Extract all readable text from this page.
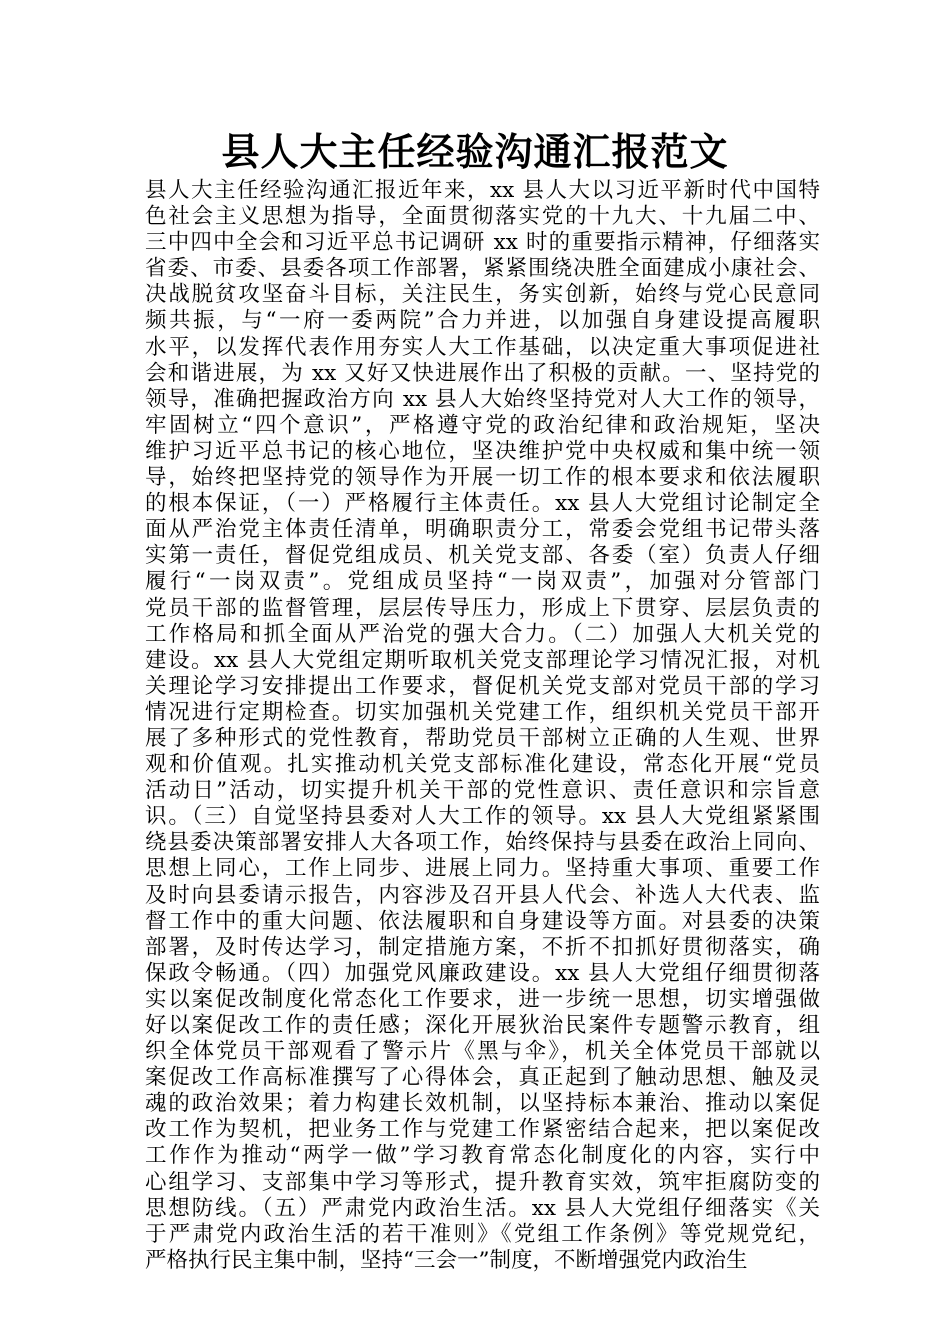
县人大主任经验沟通汇报范文
县人大主任经验沟通汇报近年来，xx 县人大以习近平新时代中国特
色社会主义思想为指导，全面贯彻落实党的十九大、十九届二中、
三中四中全会和习近平总书记调研 xx 时的重要指示精神，仔细落实
省委、市委、县委各项工作部署，紧紧围绕决胜全面建成小康社会、
决战脱贫攻坚奋斗目标，关注民生，务实创新，始终与党心民意同
频共振，与“一府一委两院”合力并进，以加强自身建设提高履职
水平，以发挥代表作用夯实人大工作基础，以决定重大事项促进社
会和谐进展，为 xx 又好又快进展作出了积极的贡献。一、坚持党的
领导，准确把握政治方向 xx 县人大始终坚持党对人大工作的领导，
牢固树立“四个意识”，严格遵守党的政治纪律和政治规矩，坚决
维护习近平总书记的核心地位，坚决维护党中央权威和集中统一领
导，始终把坚持党的领导作为开展一切工作的根本要求和依法履职
的根本保证，（一）严格履行主体责任。xx 县人大党组讨论制定全
面从严治党主体责任清单，明确职责分工，常委会党组书记带头落
实第一责任，督促党组成员、机关党支部、各委（室）负责人仔细
履行“一岗双责”。党组成员坚持“一岗双责”，加强对分管部门
党员干部的监督管理，层层传导压力，形成上下贯穿、层层负责的
工作格局和抓全面从严治党的强大合力。（二）加强人大机关党的
建设。xx 县人大党组定期听取机关党支部理论学习情况汇报，对机
关理论学习安排提出工作要求，督促机关党支部对党员干部的学习
情况进行定期检查。切实加强机关党建工作，组织机关党员干部开
展了多种形式的党性教育，帮助党员干部树立正确的人生观、世界
观和价值观。扎实推动机关党支部标准化建设，常态化开展“党员
活动日”活动，切实提升机关干部的党性意识、责任意识和宗旨意
识。（三）自觉坚持县委对人大工作的领导。xx 县人大党组紧紧围
绕县委决策部署安排人大各项工作，始终保持与县委在政治上同向、
思想上同心，工作上同步、进展上同力。坚持重大事项、重要工作
及时向县委请示报告，内容涉及召开县人代会、补选人大代表、监
督工作中的重大问题、依法履职和自身建设等方面。对县委的决策
部署，及时传达学习，制定措施方案，不折不扣抓好贯彻落实，确
保政令畅通。（四）加强党风廉政建设。xx 县人大党组仔细贯彻落
实以案促改制度化常态化工作要求，进一步统一思想，切实增强做
好以案促改工作的责任感；深化开展狄治民案件专题警示教育，组
织全体党员干部观看了警示片《黑与伞》，机关全体党员干部就以
案促改工作高标准撰写了心得体会，真正起到了触动思想、触及灵
魂的政治效果；着力构建长效机制，以坚持标本兼治、推动以案促
改工作为契机，把业务工作与党建工作紧密结合起来，把以案促改
工作作为推动“两学一做”学习教育常态化制度化的内容，实行中
心组学习、支部集中学习等形式，提升教育实效，筑牢拒腐防变的
思想防线。（五）严肃党内政治生活。xx 县人大党组仔细落实《关
于严肃党内政治生活的若干准则》《党组工作条例》等党规党纪，
严格执行民主集中制，坚持“三会一”制度，不断增强党内政治生
